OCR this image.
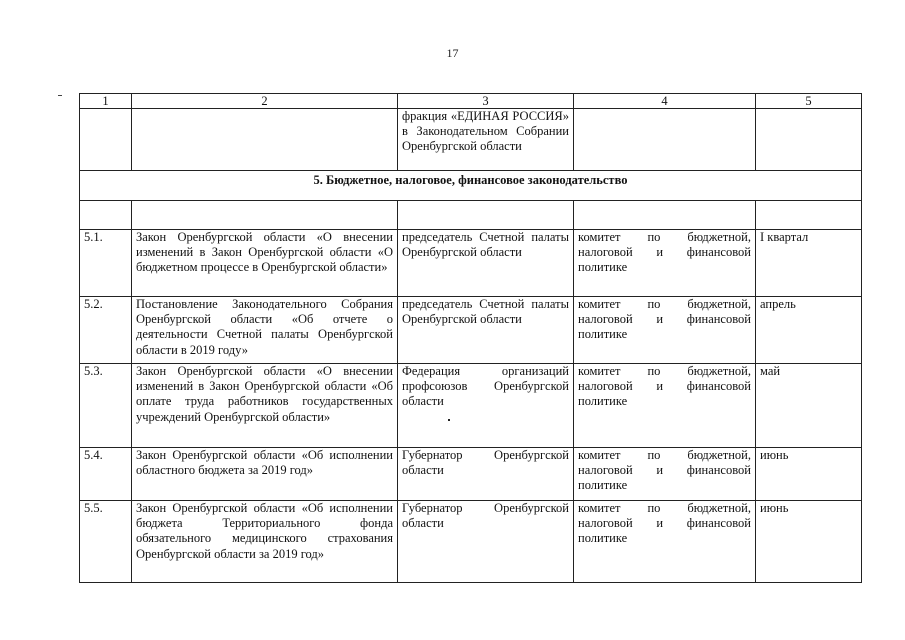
17
1	2	3	4	5
		фракция «ЕДИНАЯ РОССИЯ» в Законодательном Собрании Оренбургской области		
5. Бюджетное, налоговое, финансовое законодательство				

5.1.	Закон Оренбургской области «О внесении изменений в Закон Оренбургской области «О бюджетном процессе в Оренбургской области»	председатель Счетной палаты Оренбургской области	комитет по бюджетной, налоговой и финансовой политике	I квартал
5.2.	Постановление Законодательного Собрания Оренбургской области «Об отчете о деятельности Счетной палаты Оренбургской области в 2019 году»	председатель Счетной палаты Оренбургской области	комитет по бюджетной, налоговой и финансовой политике	апрель
5.3.	Закон Оренбургской области «О внесении изменений в Закон Оренбургской области «Об оплате труда работников государственных учреждений Оренбургской области»	Федерация организаций профсоюзов Оренбургской области	комитет по бюджетной, налоговой и финансовой политике	май
5.4.	Закон Оренбургской области «Об исполнении областного бюджета за 2019 год»	Губернатор Оренбургской области	комитет по бюджетной, налоговой и финансовой политике	июнь
5.5.	Закон Оренбургской области «Об исполнении бюджета Территориального фонда обязательного медицинского страхования Оренбургской области за 2019 год»	Губернатор Оренбургской области	комитет по бюджетной, налоговой и финансовой политике	июнь
